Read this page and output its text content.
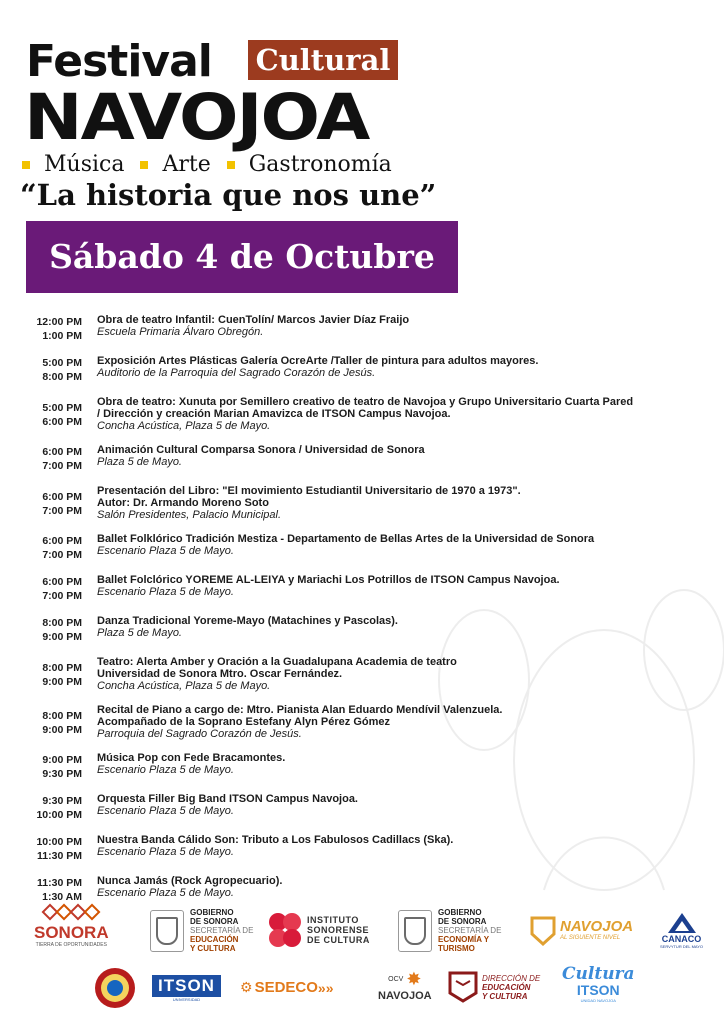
Festival Cultural
NAVOJOA
Música Arte Gastronomía
“La historia que nos une”
Sábado 4 de Octubre
12:00 PM
1:00 PM
Obra de teatro Infantil: CuenTolín/ Marcos Javier Díaz Fraijo
Escuela Primaria Álvaro Obregón.
5:00 PM
8:00 PM
Exposición Artes Plásticas Galería OcreArte /Taller de pintura para adultos mayores.
Auditorio de la Parroquia del Sagrado Corazón de Jesús.
5:00 PM
6:00 PM
Obra de teatro: Xunuta por Semillero creativo de teatro de Navojoa y Grupo Universitario Cuarta Pared
/ Dirección y creación Marian Amavizca de ITSON Campus Navojoa.
Concha Acústica, Plaza 5 de Mayo.
6:00 PM
7:00 PM
Animación Cultural Comparsa Sonora / Universidad de Sonora
Plaza 5 de Mayo.
6:00 PM
7:00 PM
Presentación del Libro: "El movimiento Estudiantil Universitario de 1970 a 1973".
Autor: Dr. Armando Moreno Soto
Salón Presidentes, Palacio Municipal.
6:00 PM
7:00 PM
Ballet Folklórico Tradición Mestiza - Departamento de Bellas Artes de la Universidad de Sonora
Escenario Plaza 5 de Mayo.
6:00 PM
7:00 PM
Ballet Folclórico YOREME AL-LEIYA y Mariachi Los Potrillos de ITSON Campus Navojoa.
Escenario Plaza 5 de Mayo.
8:00 PM
9:00 PM
Danza Tradicional Yoreme-Mayo (Matachines y Pascolas).
Plaza 5 de Mayo.
8:00 PM
9:00 PM
Teatro: Alerta Amber y Oración a la Guadalupana Academia de teatro
Universidad de Sonora Mtro. Oscar Fernández.
Concha Acústica, Plaza 5 de Mayo.
8:00 PM
9:00 PM
Recital de Piano a cargo de: Mtro. Pianista Alan Eduardo Mendívil Valenzuela.
Acompañado de la Soprano Estefany Alyn Pérez Gómez
Parroquia del Sagrado Corazón de Jesús.
9:00 PM
9:30 PM
Música Pop con Fede Bracamontes.
Escenario Plaza 5 de Mayo.
9:30 PM
10:00 PM
Orquesta Filler Big Band ITSON Campus Navojoa.
Escenario Plaza 5 de Mayo.
10:00 PM
11:30 PM
Nuestra Banda Cálido Son: Tributo a Los Fabulosos Cadillacs (Ska).
Escenario Plaza 5 de Mayo.
11:30 PM
1:30 AM
Nunca Jamás (Rock Agropecuario).
Escenario Plaza 5 de Mayo.
SONORA
TIERRA DE OPORTUNIDADES
GOBIERNO
DE SONORA
SECRETARÍA DE
EDUCACIÓN
Y CULTURA
INSTITUTO
SONORENSE
DE CULTURA
GOBIERNO
DE SONORA
SECRETARÍA DE
ECONOMÍA Y
TURISMO
NAVOJOA
AL SIGUIENTE NIVEL	CANACO
SERVYTUR DEL MAYO
ITSON
UNIVERSIDAD
⚙ SEDECO »»	OCV ✸
NAVOJOA
DIRECCIÓN DE
EDUCACIÓN
Y CULTURA
Cultura
ITSON
UNIDAD NAVOJOA
